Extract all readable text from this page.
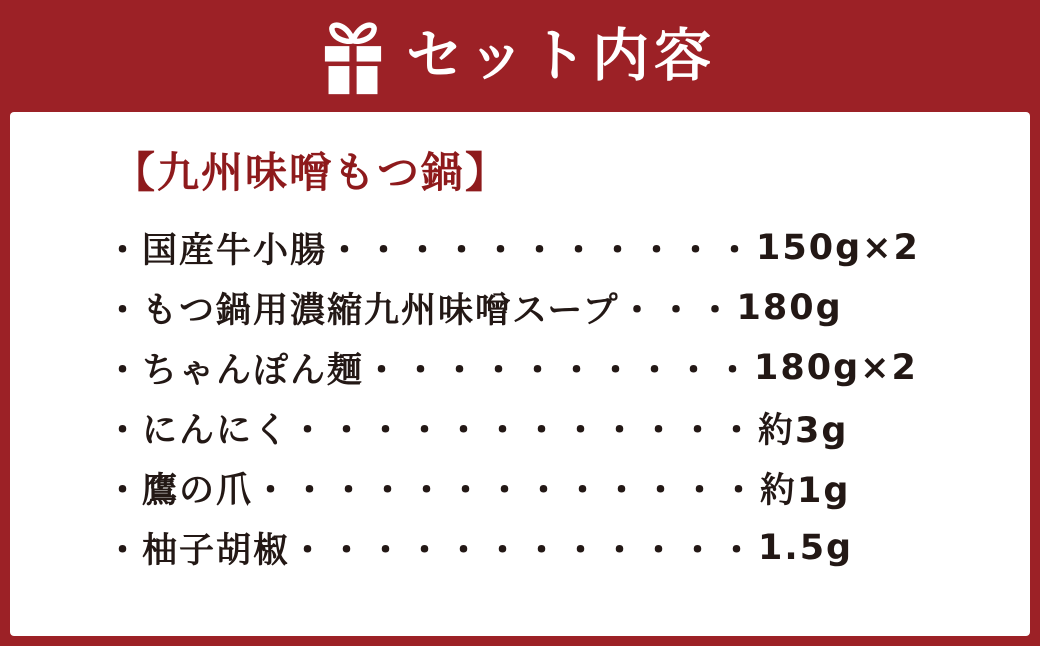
セット内容
【九州味噌もつ鍋】
・ 国産牛小腸 ・・・・・・・・・・・ 150g×2
・ もつ鍋用濃縮九州味噌スープ ・・・ 180g
・ ちゃんぽん麺 ・・・・・・・・・・ 180g×2
・ にんにく ・・・・・・・・・・・・ 約3g
・ 鷹の爪 ・・・・・・・・・・・・・ 約1g
・ 柚子胡椒 ・・・・・・・・・・・・ 1.5g
